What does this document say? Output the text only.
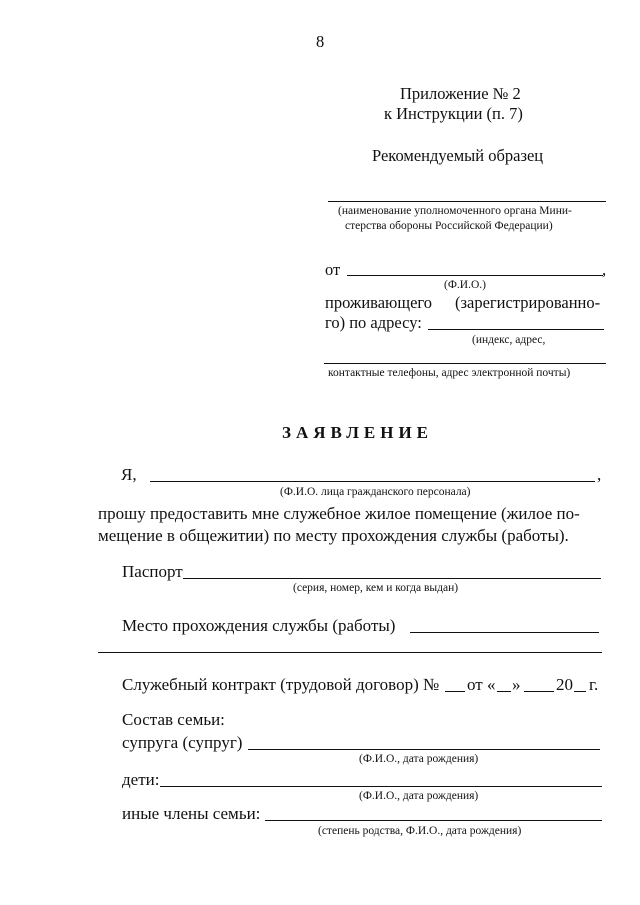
8
Приложение № 2
к Инструкции (п. 7)
Рекомендуемый образец
(наименование уполномоченного органа Мини-
стерства обороны Российской Федерации)
от	,
(Ф.И.О.)
проживающего (зарегистрированно-
го) по адресу:
(индекс, адрес,
контактные телефоны, адрес электронной почты)
ЗАЯВЛЕНИЕ
Я,	,
(Ф.И.О. лица гражданского персонала)
прошу предоставить мне служебное жилое помещение (жилое по-
мещение в общежитии) по месту прохождения службы (работы).
Паспорт
(серия, номер, кем и когда выдан)
Место прохождения службы (работы)
Служебный контракт (трудовой договор) № от « » 20 г.
Состав семьи:
супруга (супруг)
(Ф.И.О., дата рождения)
дети:
(Ф.И.О., дата рождения)
иные члены семьи:
(степень родства, Ф.И.О., дата рождения)
